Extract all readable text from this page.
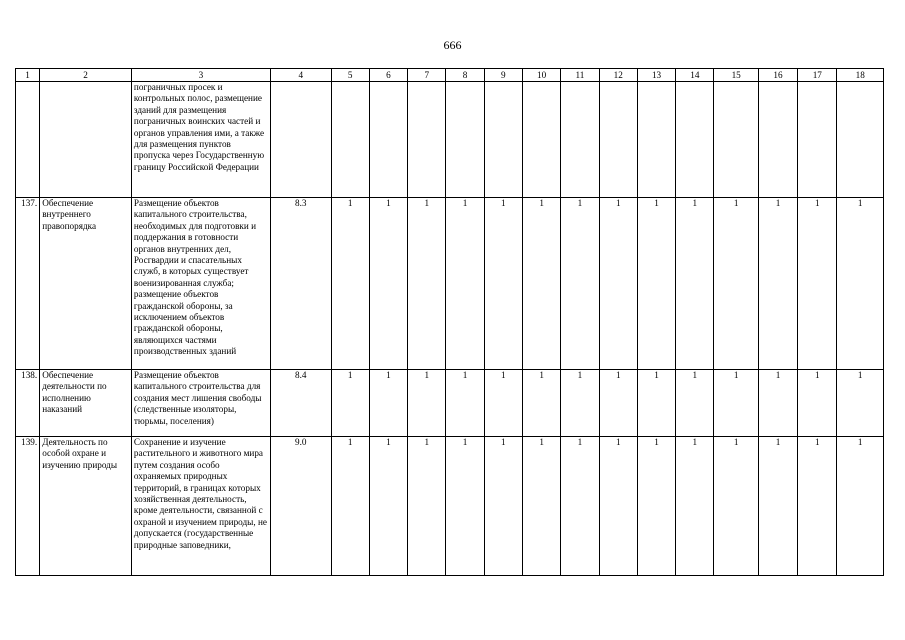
666
1	2	3	4	5	6	7	8	9	10	11	12	13	14	15	16	17	18
		пограничных просек и контрольных полос, размещение зданий для размещения пограничных воинских частей и органов управления ими, а также для размещения пунктов пропуска через Государственную границу Российской Федерации															
137.	Обеспечение внутреннего правопорядка	Размещение объектов капитального строительства, необходимых для подготовки и поддержания в готовности органов внутренних дел, Росгвардии и спасательных служб, в которых существует военизированная служба; размещение объектов гражданской обороны, за исключением объектов гражданской обороны, являющихся частями производственных зданий	8.3	1	1	1	1	1	1	1	1	1	1	1	1	1	1
138.	Обеспечение деятельности по исполнению наказаний	Размещение объектов капитального строительства для создания мест лишения свободы (следственные изоляторы, тюрьмы, поселения)	8.4	1	1	1	1	1	1	1	1	1	1	1	1	1	1
139.	Деятельность по особой охране и изучению природы	Сохранение и изучение растительного и животного мира путем создания особо охраняемых природных территорий, в границах которых хозяйственная деятельность, кроме деятельности, связанной с охраной и изучением природы, не допускается (государственные природные заповедники,	9.0	1	1	1	1	1	1	1	1	1	1	1	1	1	1
